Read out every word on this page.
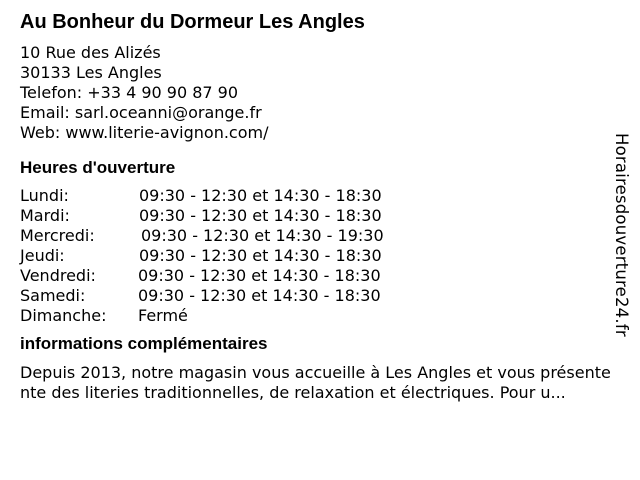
Au Bonheur du Dormeur Les Angles
10 Rue des Alizés
30133 Les Angles
Telefon: +33 4 90 90 87 90
Email: sarl.oceanni@orange.fr
Web: www.literie-avignon.com/
Heures d'ouverture
Lundi:	09:30 - 12:30 et 14:30 - 18:30
Mardi:	09:30 - 12:30 et 14:30 - 18:30
Mercredi:	09:30 - 12:30 et 14:30 - 19:30
Jeudi:	09:30 - 12:30 et 14:30 - 18:30
Vendredi:	09:30 - 12:30 et 14:30 - 18:30
Samedi:	09:30 - 12:30 et 14:30 - 18:30
Dimanche: Fermé
informations complémentaires
Depuis 2013, notre magasin vous accueille à Les Angles et vous présente
nte des literies traditionnelles, de relaxation et électriques. Pour u...
Horairesdouverture24.fr
